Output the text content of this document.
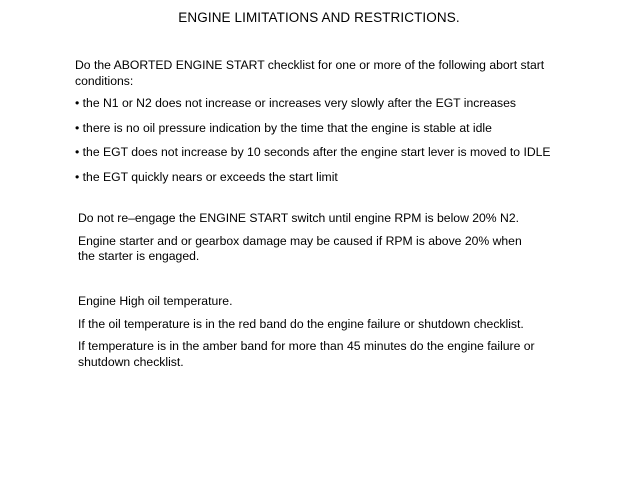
ENGINE LIMITATIONS AND RESTRICTIONS.
Do the ABORTED ENGINE START checklist for one or more of the following abort start
conditions:
• the N1 or N2 does not increase or increases very slowly after the EGT increases
• there is no oil pressure indication by the time that the engine is stable at idle
• the EGT does not increase by 10 seconds after the engine start lever is moved to IDLE
• the EGT quickly nears or exceeds the start limit
Do not re–engage the ENGINE START switch until engine RPM is below 20% N2.
Engine starter and or gearbox damage may be caused if RPM is above 20% when
the starter is engaged.
Engine High oil temperature.
If the oil temperature is in the red band do the engine failure or shutdown checklist.
If temperature is in the amber band for more than 45 minutes do the engine failure or
shutdown checklist.
